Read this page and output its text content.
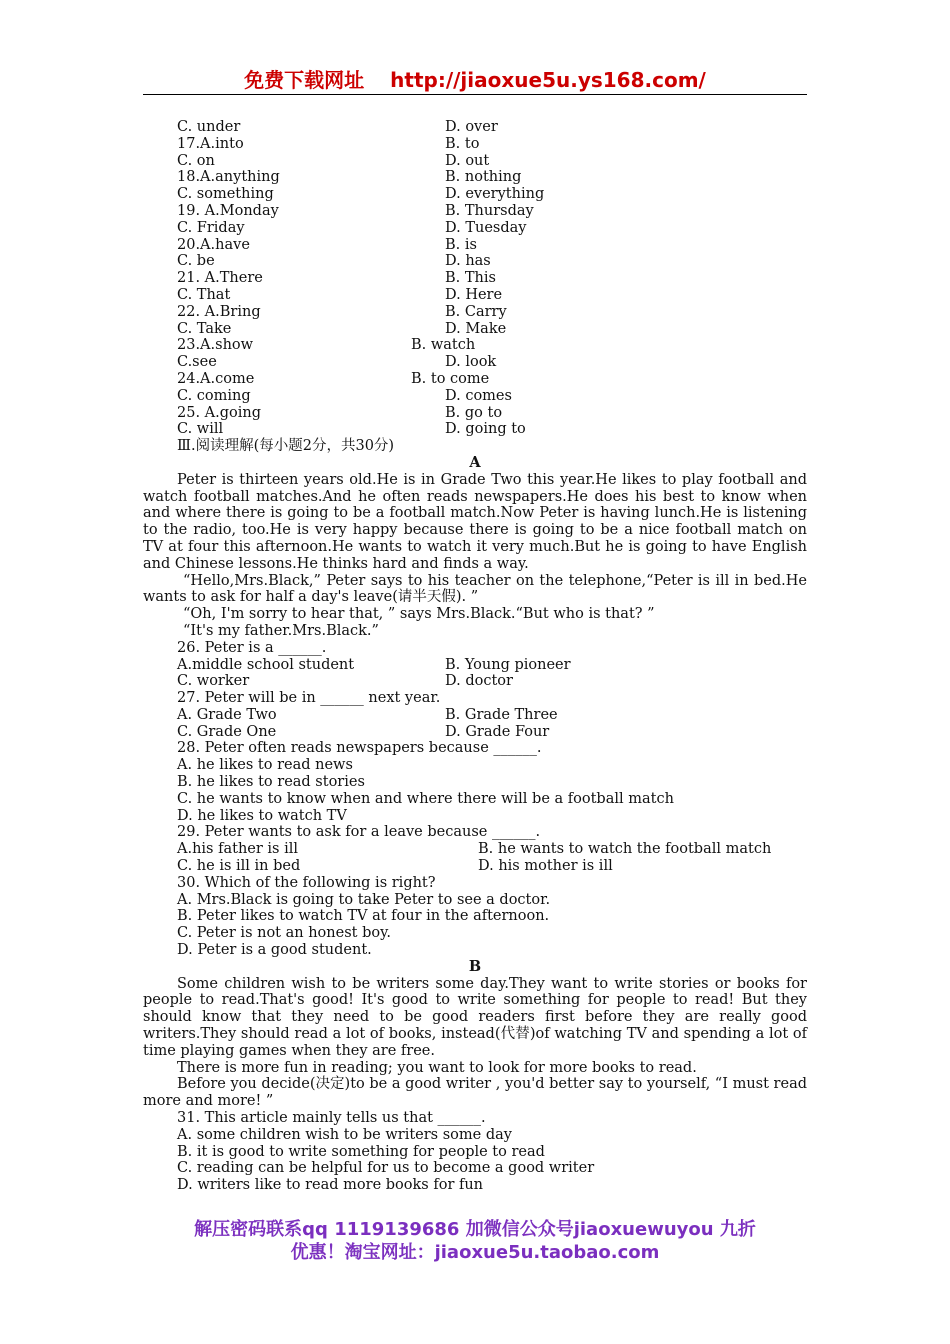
免费下载网址 http://jiaoxue5u.ys168.com/
C. under	D. over
17.A.into	B. to
C. on	D. out
18.A.anything	B. nothing
C. something	D. everything
19. A.Monday	B. Thursday
C. Friday	D. Tuesday
20.A.have	B. is
C. be	D. has
21. A.There	B. This
C. That	D. Here
22. A.Bring	B. Carry
C. Take	D. Make
23.A.show	B. watch
C.see	D. look
24.A.come	B. to come
C. coming	D. comes
25. A.going	B. go to
C. will	D. going to
Ⅲ.阅读理解(每小题2分，共30分)
A
Peter is thirteen years old.He is in Grade Two this year.He likes to play football and watch football matches.And he often reads newspapers.He does his best to know when and where there is going to be a football match.Now Peter is having lunch.He is listening to the radio, too.He is very happy because there is going to be a nice football match on TV at four this afternoon.He wants to watch it very much.But he is going to have English and Chinese lessons.He thinks hard and finds a way.
“Hello,Mrs.Black,” Peter says to his teacher on the telephone,“Peter is ill in bed.He wants to ask for half a day's leave(请半天假). ”
“Oh, I'm sorry to hear that, ” says Mrs.Black.“But who is that? ”
“It's my father.Mrs.Black.”
26. Peter is a ______.
A.middle school student	B. Young pioneer
C. worker	D. doctor
27. Peter will be in ______ next year.
A. Grade Two	B. Grade Three
C. Grade One	D. Grade Four
28. Peter often reads newspapers because ______.
A. he likes to read news
B. he likes to read stories
C. he wants to know when and where there will be a football match
D. he likes to watch TV
29. Peter wants to ask for a leave because ______.
A.his father is ill	B. he wants to watch the football match
C. he is ill in bed	D. his mother is ill
30. Which of the following is right?
A. Mrs.Black is going to take Peter to see a doctor.
B. Peter likes to watch TV at four in the afternoon.
C. Peter is not an honest boy.
D. Peter is a good student.
B
Some children wish to be writers some day.They want to write stories or books for people to read.That's good! It's good to write something for people to read! But they should know that they need to be good readers first before they are really good writers.They should read a lot of books, instead(代替)of watching TV and spending a lot of time playing games when they are free.
There is more fun in reading; you want to look for more books to read.
Before you decide(决定)to be a good writer , you'd better say to yourself, “I must read more and more! ”
31. This article mainly tells us that ______.
A. some children wish to be writers some day
B. it is good to write something for people to read
C. reading can be helpful for us to become a good writer
D. writers like to read more books for fun
解压密码联系qq 1119139686 加微信公众号jiaoxuewuyou 九折
优惠！淘宝网址：jiaoxue5u.taobao.com
